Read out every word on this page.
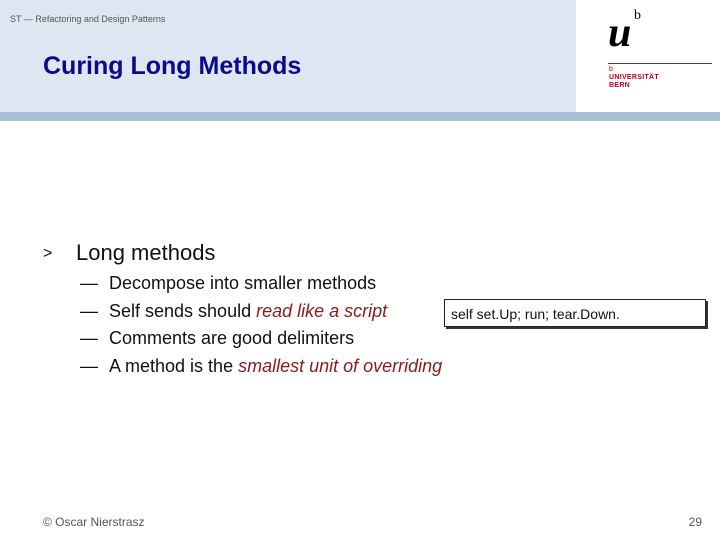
ST — Refactoring and Design Patterns
Curing Long Methods
u b
b
UNIVERSITÄT
BERN
> Long methods
— Decompose into smaller methods
— Self sends should read like a script
— Comments are good delimiters
— A method is the smallest unit of overriding
self set.Up; run; tear.Down.
© Oscar Nierstrasz	29
